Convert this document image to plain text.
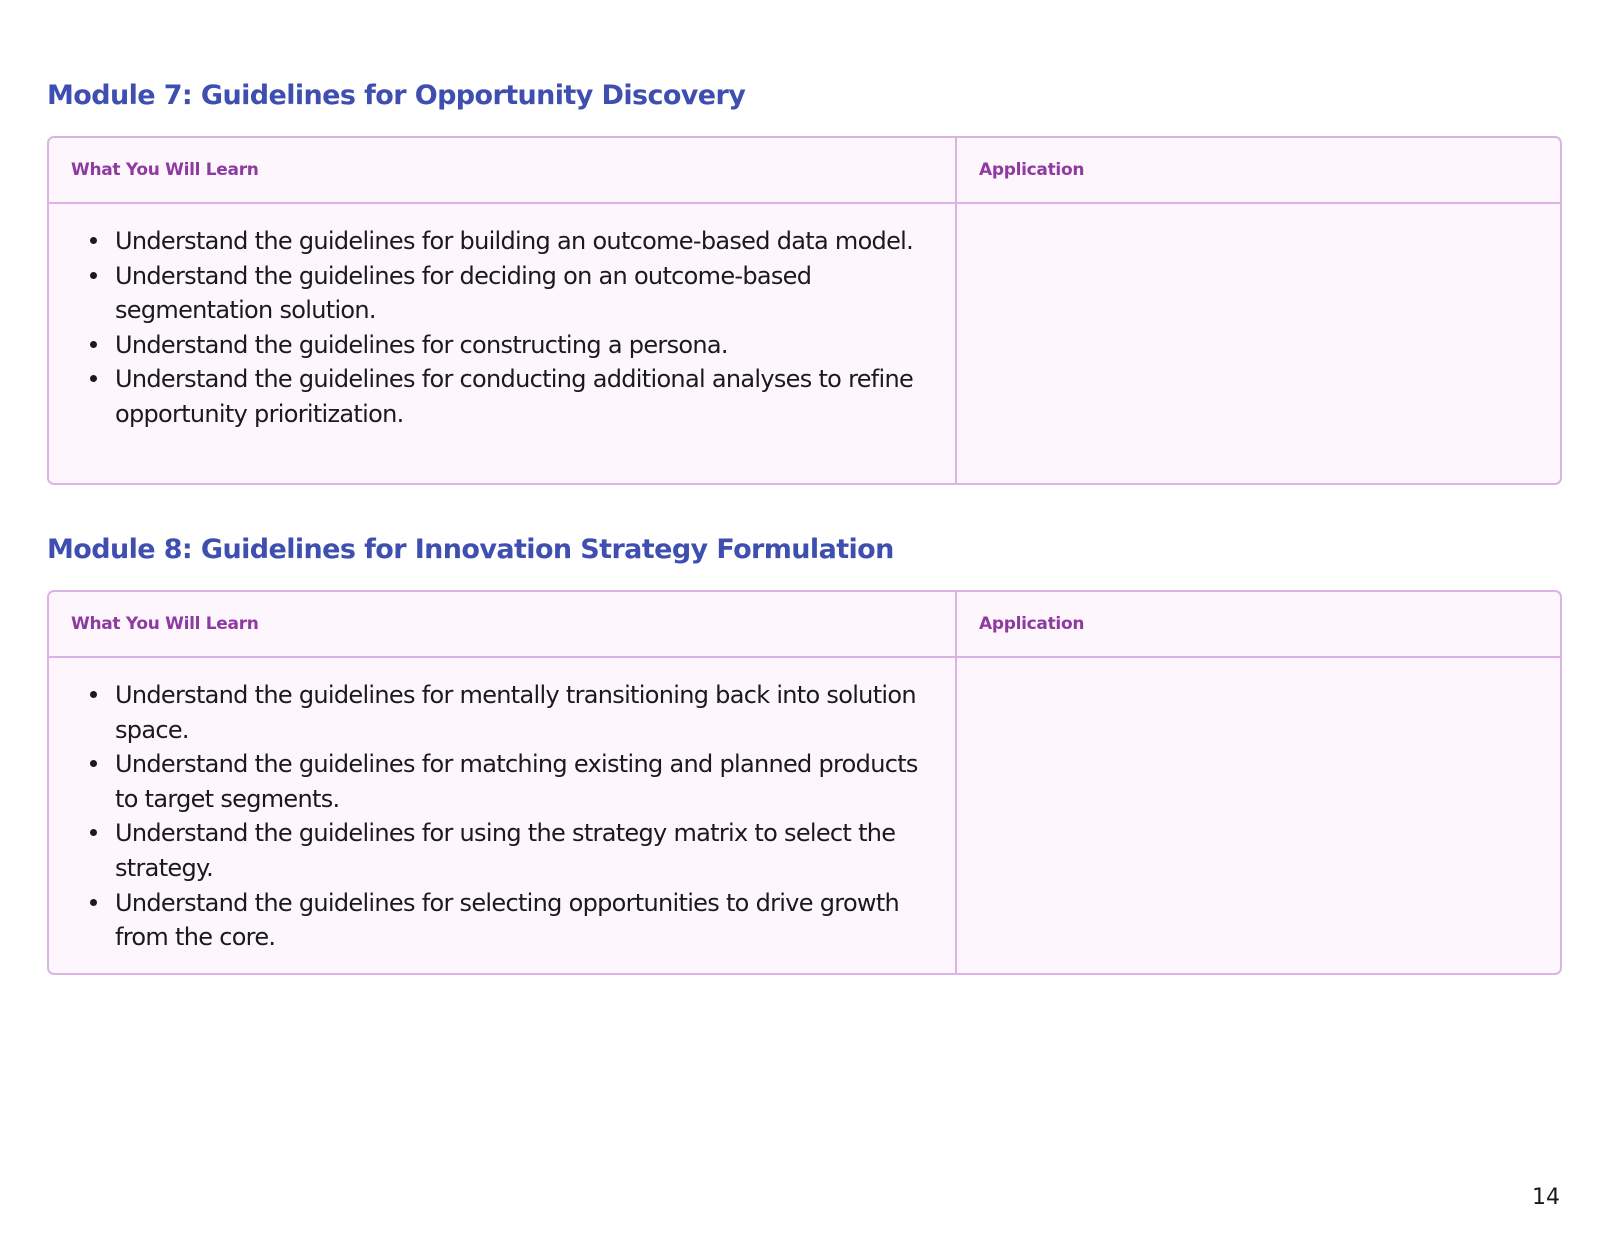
Module 7: Guidelines for Opportunity Discovery
What You Will Learn	Application
Understand the guidelines for building an outcome-based data model.
Understand the guidelines for deciding on an outcome-based segmentation solution.
Understand the guidelines for constructing a persona.
Understand the guidelines for conducting additional analyses to refine opportunity prioritization.
Module 8: Guidelines for Innovation Strategy Formulation
What You Will Learn	Application
Understand the guidelines for mentally transitioning back into solution space.
Understand the guidelines for matching existing and planned products to target segments.
Understand the guidelines for using the strategy matrix to select the strategy.
Understand the guidelines for selecting opportunities to drive growth from the core.
14
